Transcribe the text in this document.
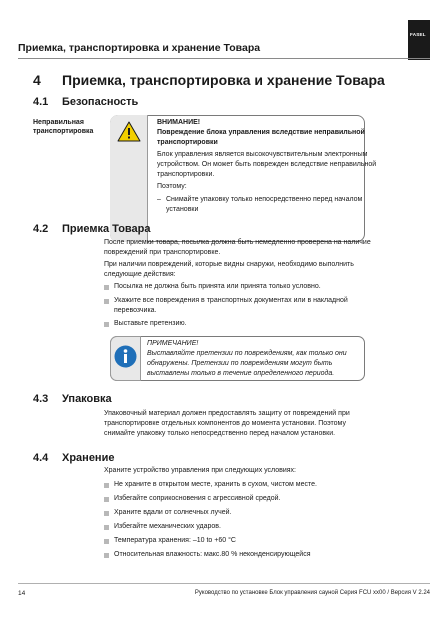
FASEL
Приемка, транспортировка и хранение Товара
4 Приемка, транспортировка и хранение Товара
4.1 Безопасность
Неправильная
транспортировка
ВНИМАНИЕ!
Повреждение блока управления вследствие неправильной
транспортировки
Блок управления является высокочувствительным электронным
устройством. Он может быть поврежден вследствие неправильной
транспортировки.
Поэтому:
– Снимайте упаковку только непосредственно перед началом
установки
4.2 Приемка Товара
После приемки товара, посылка должна быть немедленно проверена на наличие
повреждений при транспортировке.
При наличии повреждений, которые видны снаружи, необходимо выполнить
следующие действия:
Посылка не должна быть принята или принята только условно.
Укажите все повреждения в транспортных документах или в накладной
перевозчика.
Выставьте претензию.
ПРИМЕЧАНИЕ!
Выставляйте претензии по повреждениям, как только они
обнаружены. Претензии по повреждениям могут быть
выставлены только в течение определенного периода.
4.3 Упаковка
Упаковочный материал должен предоставлять защиту от повреждений при
транспортировке отдельных компонентов до момента установки. Поэтому
снимайте упаковку только непосредственно перед началом установки.
4.4 Хранение
Храните устройство управления при следующих условиях:
Не храните в открытом месте, хранить в сухом, чистом месте.
Избегайте соприкосновения с агрессивной средой.
Храните вдали от солнечных лучей.
Избегайте механических ударов.
Температура хранения: –10 to +60 °C
Относительная влажность: макс.80 % неконденсирующейся
14	Руководство по установке Блок управления сауной Серия FCU xx00 / Версия V 2.24
